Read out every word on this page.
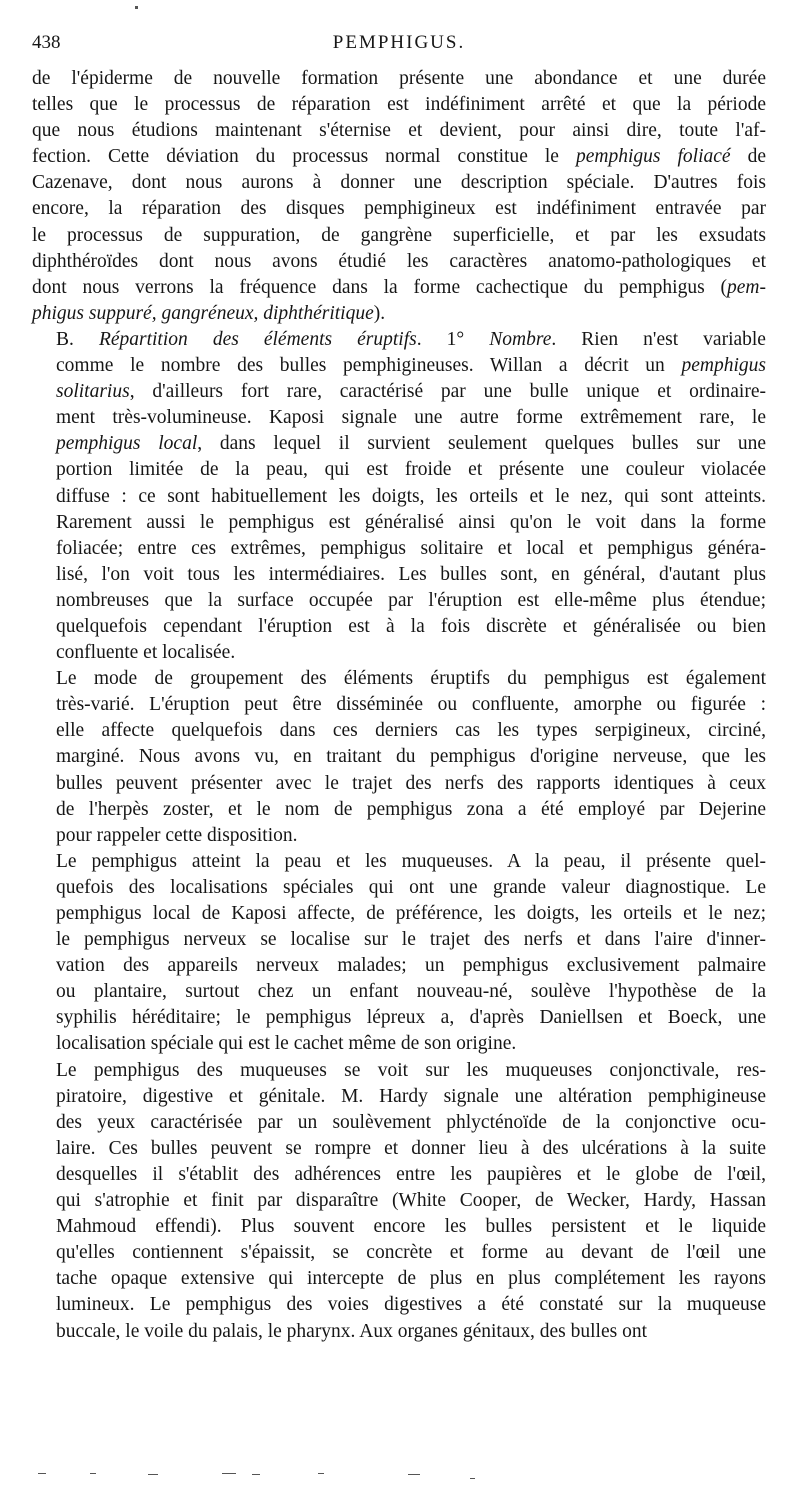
438	PEMPHIGUS.

de l'épiderme de nouvelle formation présente une abondance et une durée
telles que le processus de réparation est indéfiniment arrêté et que la période
que nous étudions maintenant s'éternise et devient, pour ainsi dire, toute l'af-
fection. Cette déviation du processus normal constitue le pemphigus foliacé de
Cazenave, dont nous aurons à donner une description spéciale. D'autres fois
encore, la réparation des disques pemphigineux est indéfiniment entravée par
le processus de suppuration, de gangrène superficielle, et par les exsudats
diphthéroïdes dont nous avons étudié les caractères anatomo-pathologiques et
dont nous verrons la fréquence dans la forme cachectique du pemphigus (pem-
phigus suppuré, gangréneux, diphthéritique).

B. Répartition des éléments éruptifs. 1° Nombre. Rien n'est variable
comme le nombre des bulles pemphigineuses. Willan a décrit un pemphigus
solitarius, d'ailleurs fort rare, caractérisé par une bulle unique et ordinaire-
ment très-volumineuse. Kaposi signale une autre forme extrêmement rare, le
pemphigus local, dans lequel il survient seulement quelques bulles sur une
portion limitée de la peau, qui est froide et présente une couleur violacée
diffuse : ce sont habituellement les doigts, les orteils et le nez, qui sont atteints.
Rarement aussi le pemphigus est généralisé ainsi qu'on le voit dans la forme
foliacée; entre ces extrêmes, pemphigus solitaire et local et pemphigus généra-
lisé, l'on voit tous les intermédiaires. Les bulles sont, en général, d'autant plus
nombreuses que la surface occupée par l'éruption est elle-même plus étendue;
quelquefois cependant l'éruption est à la fois discrète et généralisée ou bien
confluente et localisée.

Le mode de groupement des éléments éruptifs du pemphigus est également
très-varié. L'éruption peut être disséminée ou confluente, amorphe ou figurée :
elle affecte quelquefois dans ces derniers cas les types serpigineux, circiné,
marginé. Nous avons vu, en traitant du pemphigus d'origine nerveuse, que les
bulles peuvent présenter avec le trajet des nerfs des rapports identiques à ceux
de l'herpès zoster, et le nom de pemphigus zona a été employé par Dejerine
pour rappeler cette disposition.

Le pemphigus atteint la peau et les muqueuses. A la peau, il présente quel-
quefois des localisations spéciales qui ont une grande valeur diagnostique. Le
pemphigus local de Kaposi affecte, de préférence, les doigts, les orteils et le nez;
le pemphigus nerveux se localise sur le trajet des nerfs et dans l'aire d'inner-
vation des appareils nerveux malades; un pemphigus exclusivement palmaire
ou plantaire, surtout chez un enfant nouveau-né, soulève l'hypothèse de la
syphilis héréditaire; le pemphigus lépreux a, d'après Daniellsen et Boeck, une
localisation spéciale qui est le cachet même de son origine.

Le pemphigus des muqueuses se voit sur les muqueuses conjonctivale, res-
piratoire, digestive et génitale. M. Hardy signale une altération pemphigineuse
des yeux caractérisée par un soulèvement phlycténoïde de la conjonctive ocu-
laire. Ces bulles peuvent se rompre et donner lieu à des ulcérations à la suite
desquelles il s'établit des adhérences entre les paupières et le globe de l'œil,
qui s'atrophie et finit par disparaître (White Cooper, de Wecker, Hardy, Hassan
Mahmoud effendi). Plus souvent encore les bulles persistent et le liquide
qu'elles contiennent s'épaissit, se concrète et forme au devant de l'œil une
tache opaque extensive qui intercepte de plus en plus complétement les rayons
lumineux. Le pemphigus des voies digestives a été constaté sur la muqueuse
buccale, le voile du palais, le pharynx. Aux organes génitaux, des bulles ont
